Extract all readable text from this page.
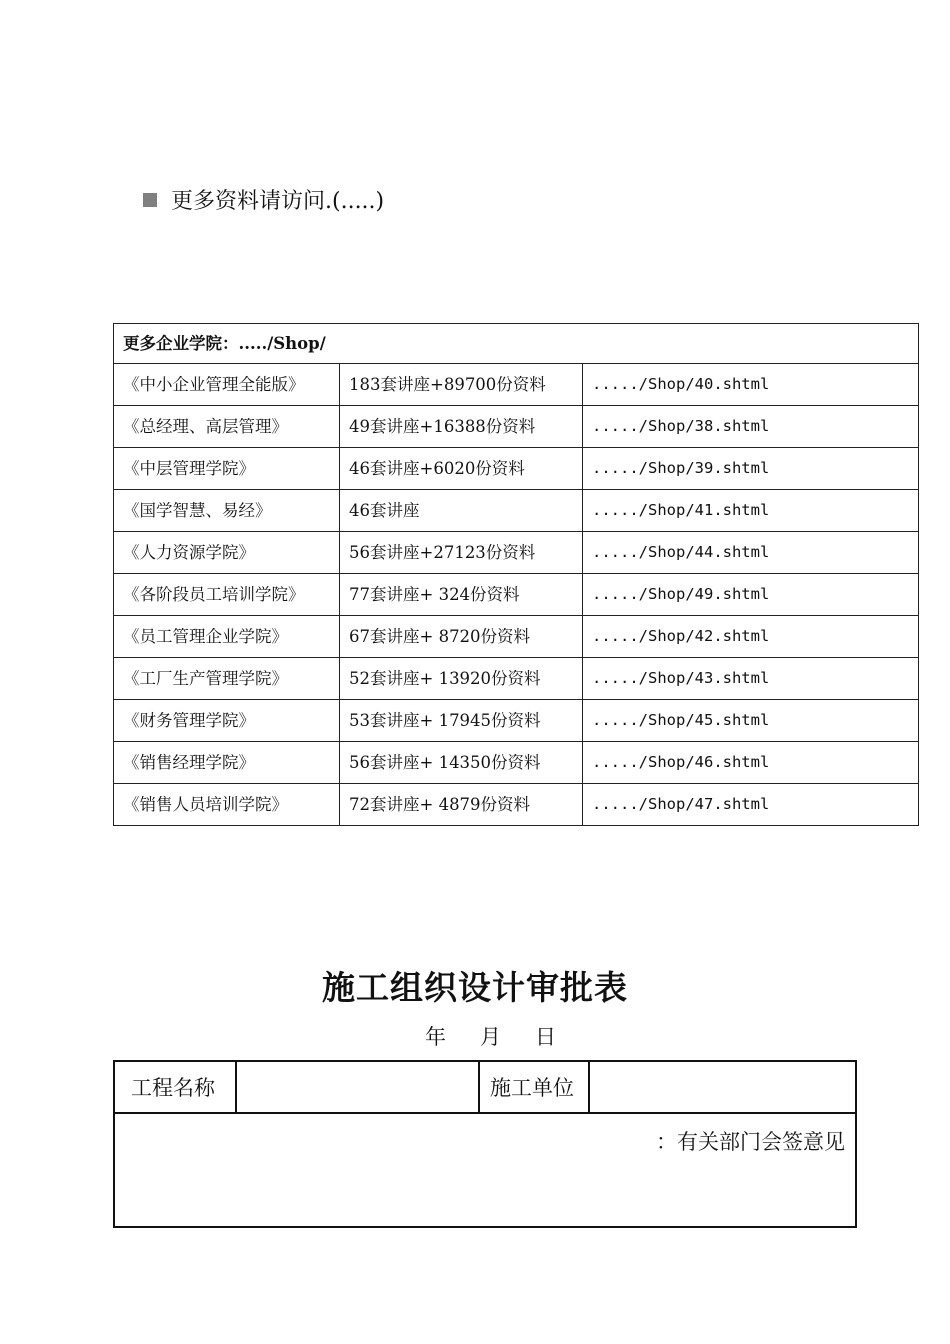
更多资料请访问.(.....)
更多企业学院：...../Shop/		
《中小企业管理全能版》	183套讲座+89700份资料	...../Shop/40.shtml
《总经理、高层管理》	49套讲座+16388份资料	...../Shop/38.shtml
《中层管理学院》	46套讲座+6020份资料	...../Shop/39.shtml
《国学智慧、易经》	46套讲座	...../Shop/41.shtml
《人力资源学院》	56套讲座+27123份资料	...../Shop/44.shtml
《各阶段员工培训学院》	77套讲座+ 324份资料	...../Shop/49.shtml
《员工管理企业学院》	67套讲座+ 8720份资料	...../Shop/42.shtml
《工厂生产管理学院》	52套讲座+ 13920份资料	...../Shop/43.shtml
《财务管理学院》	53套讲座+ 17945份资料	...../Shop/45.shtml
《销售经理学院》	56套讲座+ 14350份资料	...../Shop/46.shtml
《销售人员培训学院》	72套讲座+ 4879份资料	...../Shop/47.shtml
施工组织设计审批表
年 月 日
工程名称		施工单位	
：有关部门会签意见
